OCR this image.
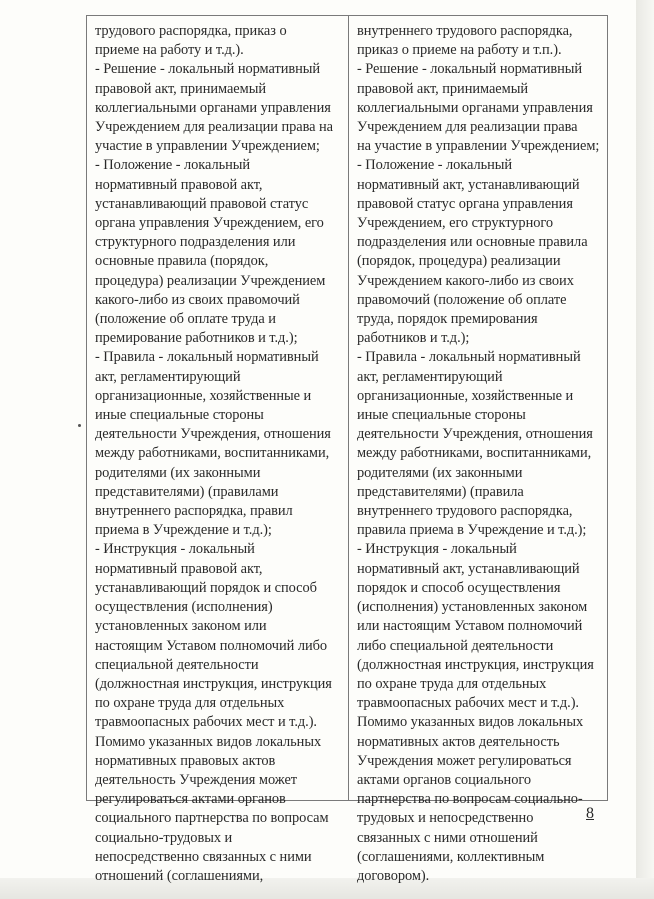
трудового распорядка, приказ о
приеме на работу и т.д.).
- Решение - локальный нормативный
правовой акт, принимаемый
коллегиальными органами управления
Учреждением для реализации права на
участие в управлении Учреждением;
- Положение - локальный
нормативный правовой акт,
устанавливающий правовой статус
органа управления Учреждением, его
структурного подразделения или
основные правила (порядок,
процедура) реализации Учреждением
какого-либо из своих правомочий
(положение об оплате труда и
премирование работников и т.д.);
- Правила - локальный нормативный
акт, регламентирующий
организационные, хозяйственные и
иные специальные стороны
деятельности Учреждения, отношения
между работниками, воспитанниками,
родителями (их законными
представителями) (правилами
внутреннего распорядка, правил
приема в Учреждение и т.д.);
- Инструкция - локальный
нормативный правовой акт,
устанавливающий порядок и способ
осуществления (исполнения)
установленных законом или
настоящим Уставом полномочий либо
специальной деятельности
(должностная инструкция, инструкция
по охране труда для отдельных
травмоопасных рабочих мест и т.д.).
Помимо указанных видов локальных
нормативных правовых актов
деятельность Учреждения может
регулироваться актами органов
социального партнерства по вопросам
социально-трудовых и
непосредственно связанных с ними
отношений (соглашениями,
внутреннего трудового распорядка,
приказ о приеме на работу и т.п.).
- Решение - локальный нормативный
правовой акт, принимаемый
коллегиальными органами управления
Учреждением для реализации права
на участие в управлении Учреждением;
- Положение - локальный
нормативный акт, устанавливающий
правовой статус органа управления
Учреждением, его структурного
подразделения или основные правила
(порядок, процедура) реализации
Учреждением какого-либо из своих
правомочий (положение об оплате
труда, порядок премирования
работников и т.д.);
- Правила - локальный нормативный
акт, регламентирующий
организационные, хозяйственные и
иные специальные стороны
деятельности Учреждения, отношения
между работниками, воспитанниками,
родителями (их законными
представителями) (правила
внутреннего трудового распорядка,
правила приема в Учреждение и т.д.);
- Инструкция - локальный
нормативный акт, устанавливающий
порядок и способ осуществления
(исполнения) установленных законом
или настоящим Уставом полномочий
либо специальной деятельности
(должностная инструкция, инструкция
по охране труда для отдельных
травмоопасных рабочих мест и т.д.).
Помимо указанных видов локальных
нормативных актов деятельность
Учреждения может регулироваться
актами органов социального
партнерства по вопросам социально-
трудовых и непосредственно
связанных с ними отношений
(соглашениями, коллективным
договором).
8
